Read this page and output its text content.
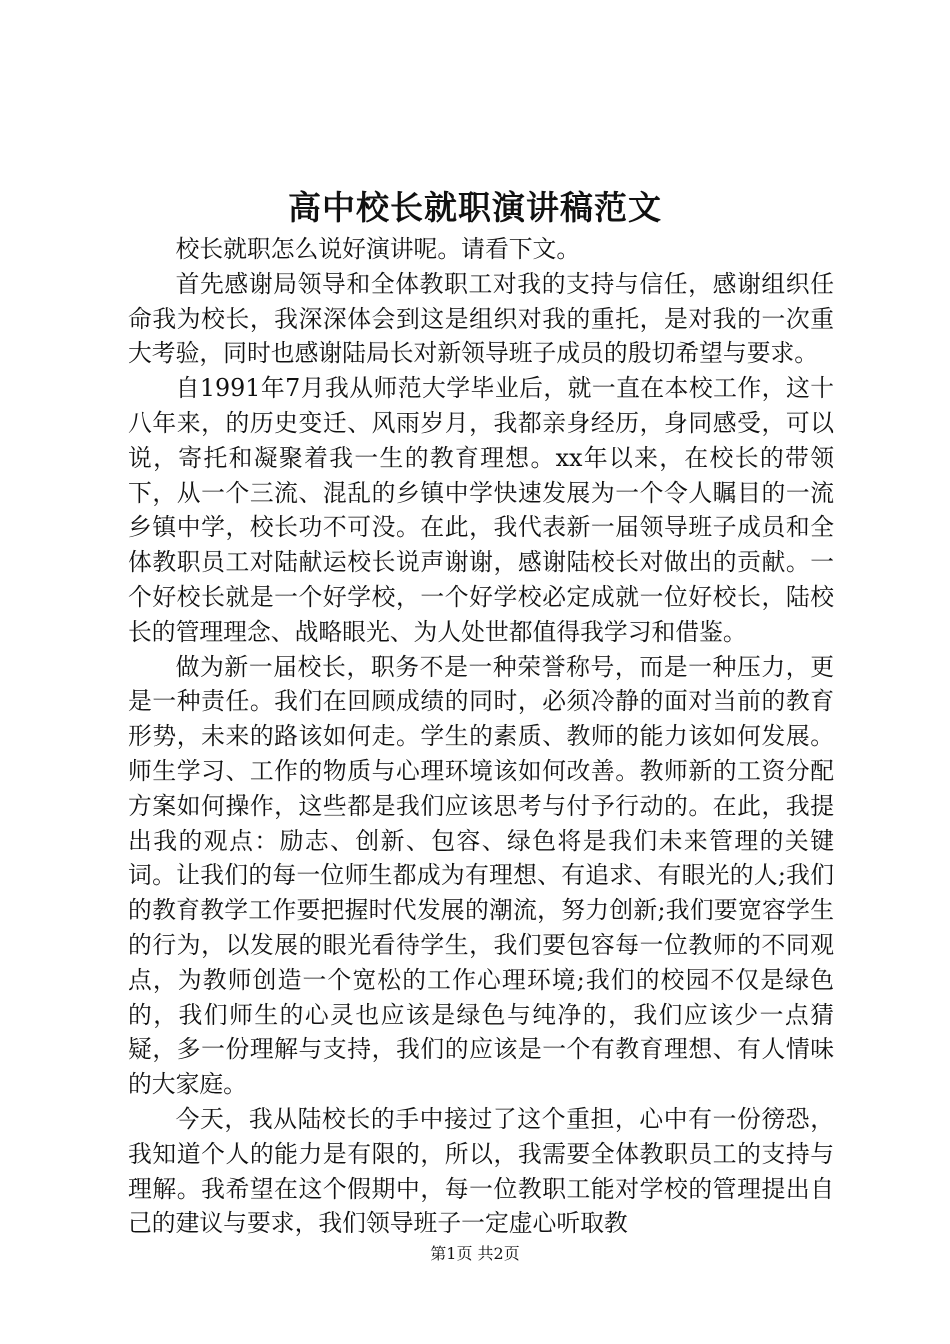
高中校长就职演讲稿范文

校长就职怎么说好演讲呢。请看下文。

首先感谢局领导和全体教职工对我的支持与信任，感谢组织任命我为校长，我深深体会到这是组织对我的重托，是对我的一次重大考验，同时也感谢陆局长对新领导班子成员的殷切希望与要求。

自1991年7月我从师范大学毕业后，就一直在本校工作，这十八年来，的历史变迁、风雨岁月，我都亲身经历，身同感受，可以说，寄托和凝聚着我一生的教育理想。xx年以来，在校长的带领下，从一个三流、混乱的乡镇中学快速发展为一个令人瞩目的一流乡镇中学，校长功不可没。在此，我代表新一届领导班子成员和全体教职员工对陆献运校长说声谢谢，感谢陆校长对做出的贡献。一个好校长就是一个好学校，一个好学校必定成就一位好校长，陆校长的管理理念、战略眼光、为人处世都值得我学习和借鉴。

做为新一届校长，职务不是一种荣誉称号，而是一种压力，更是一种责任。我们在回顾成绩的同时，必须冷静的面对当前的教育形势，未来的路该如何走。学生的素质、教师的能力该如何发展。师生学习、工作的物质与心理环境该如何改善。教师新的工资分配方案如何操作，这些都是我们应该思考与付予行动的。在此，我提出我的观点：励志、创新、包容、绿色将是我们未来管理的关键词。让我们的每一位师生都成为有理想、有追求、有眼光的人;我们的教育教学工作要把握时代发展的潮流，努力创新;我们要宽容学生的行为，以发展的眼光看待学生，我们要包容每一位教师的不同观点，为教师创造一个宽松的工作心理环境;我们的校园不仅是绿色的，我们师生的心灵也应该是绿色与纯净的，我们应该少一点猜疑，多一份理解与支持，我们的应该是一个有教育理想、有人情味的大家庭。

今天，我从陆校长的手中接过了这个重担，心中有一份徬恐，我知道个人的能力是有限的，所以，我需要全体教职员工的支持与理解。我希望在这个假期中，每一位教职工能对学校的管理提出自己的建议与要求，我们领导班子一定虚心听取教

第1页 共2页
